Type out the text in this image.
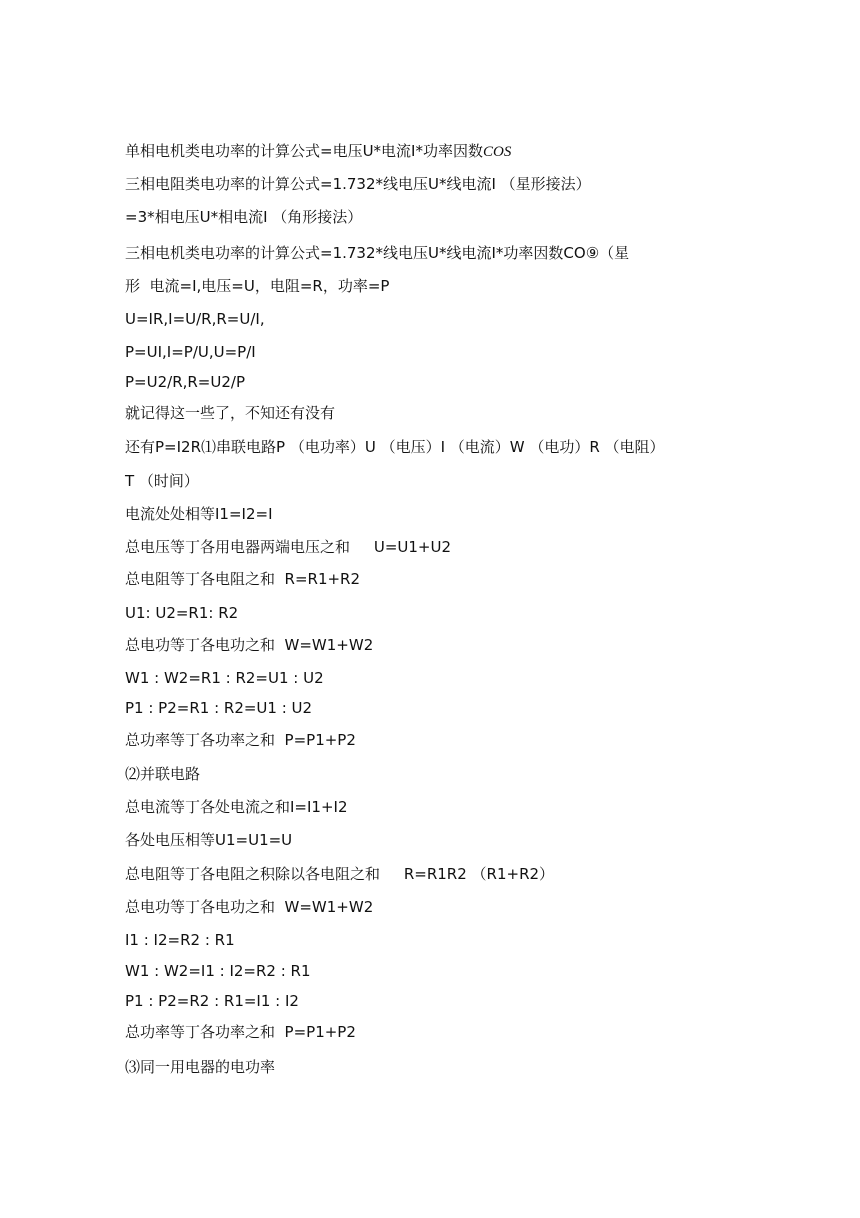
单相电机类电功率的计算公式=电压U*电流I*功率因数COS
三相电阻类电功率的计算公式=1.732*线电压U*线电流I （星形接法）
=3*相电压U*相电流I （角形接法）
三相电机类电功率的计算公式=1.732*线电压U*线电流I*功率因数CO⑨（星
形  电流=I,电压=U，电阻=R，功率=P
U=IR,I=U/R,R=U/I,
P=UI,I=P/U,U=P/I
P=U2/R,R=U2/P
就记得这一些了，不知还有没有
还有P=I2R⑴串联电路P （电功率）U （电压）I （电流）W （电功）R （电阻）
T （时间）
电流处处相等I1=I2=I
总电压等丁各用电器两端电压之和     U=U1+U2
总电阻等丁各电阻之和  R=R1+R2
U1: U2=R1: R2
总电功等丁各电功之和  W=W1+W2
W1 : W2=R1 : R2=U1 : U2
P1 : P2=R1 : R2=U1 : U2
总功率等丁各功率之和  P=P1+P2
⑵并联电路
总电流等丁各处电流之和I=I1+I2
各处电压相等U1=U1=U
总电阻等丁各电阻之积除以各电阻之和     R=R1R2 （R1+R2）
总电功等丁各电功之和  W=W1+W2
I1 : I2=R2 : R1
W1 : W2=I1 : I2=R2 : R1
P1 : P2=R2 : R1=I1 : I2
总功率等丁各功率之和  P=P1+P2
⑶同一用电器的电功率
